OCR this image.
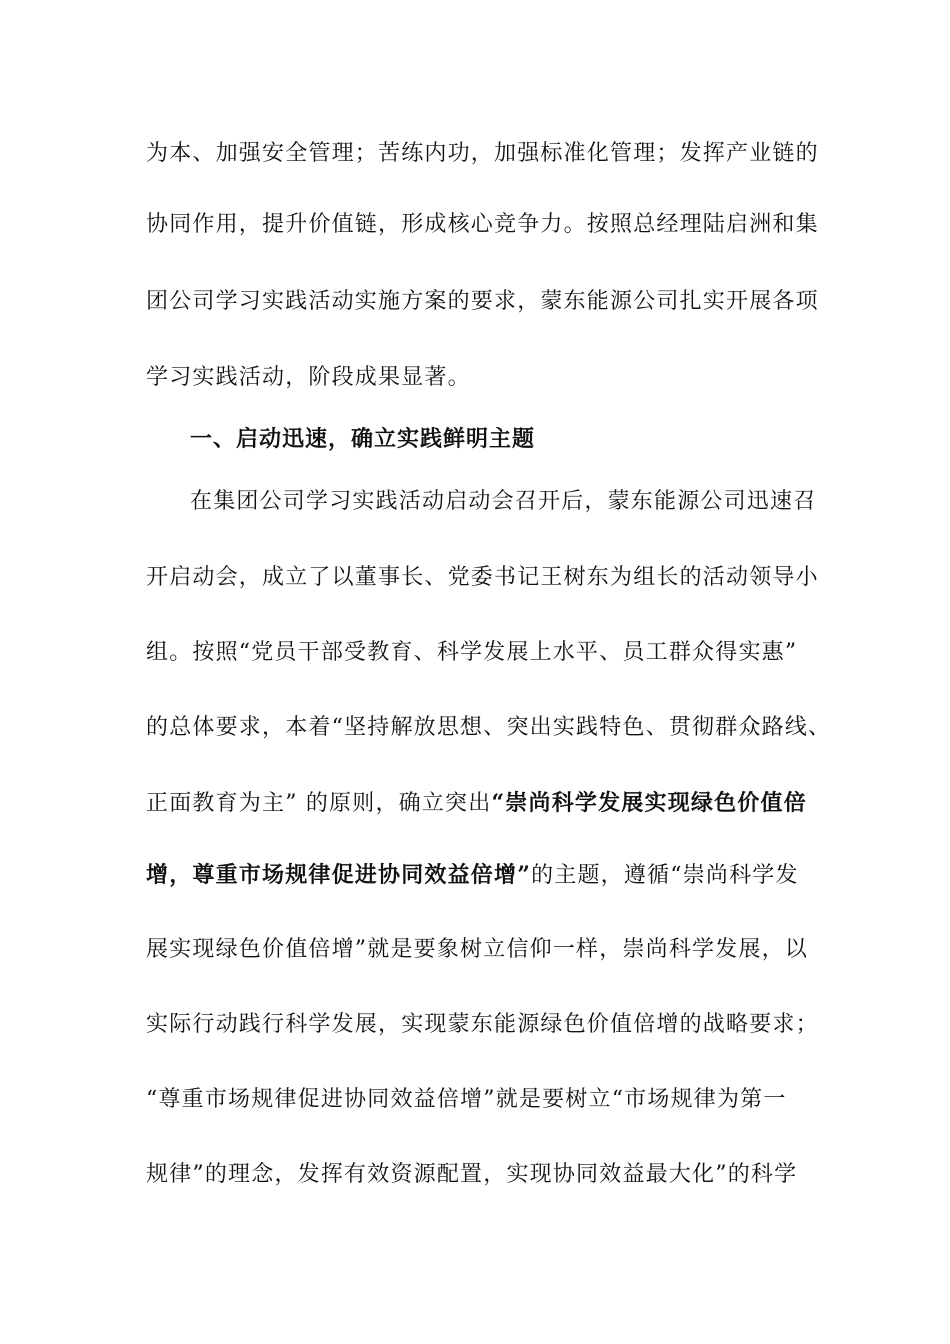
为本、加强安全管理；苦练内功，加强标准化管理；发挥产业链的
协同作用，提升价值链，形成核心竞争力。按照总经理陆启洲和集
团公司学习实践活动实施方案的要求，蒙东能源公司扎实开展各项
学习实践活动，阶段成果显著。
一、启动迅速，确立实践鲜明主题
在集团公司学习实践活动启动会召开后，蒙东能源公司迅速召
开启动会，成立了以董事长、党委书记王树东为组长的活动领导小
组。按照“党员干部受教育、科学发展上水平、员工群众得实惠”
的总体要求，本着“坚持解放思想、突出实践特色、贯彻群众路线、
正面教育为主” 的原则，确立突出“崇尚科学发展实现绿色价值倍
增，尊重市场规律促进协同效益倍增”的主题，遵循“崇尚科学发
展实现绿色价值倍增”就是要象树立信仰一样，崇尚科学发展，以
实际行动践行科学发展，实现蒙东能源绿色价值倍增的战略要求；
“尊重市场规律促进协同效益倍增”就是要树立“市场规律为第一
规律”的理念，发挥有效资源配置，实现协同效益最大化”的科学
